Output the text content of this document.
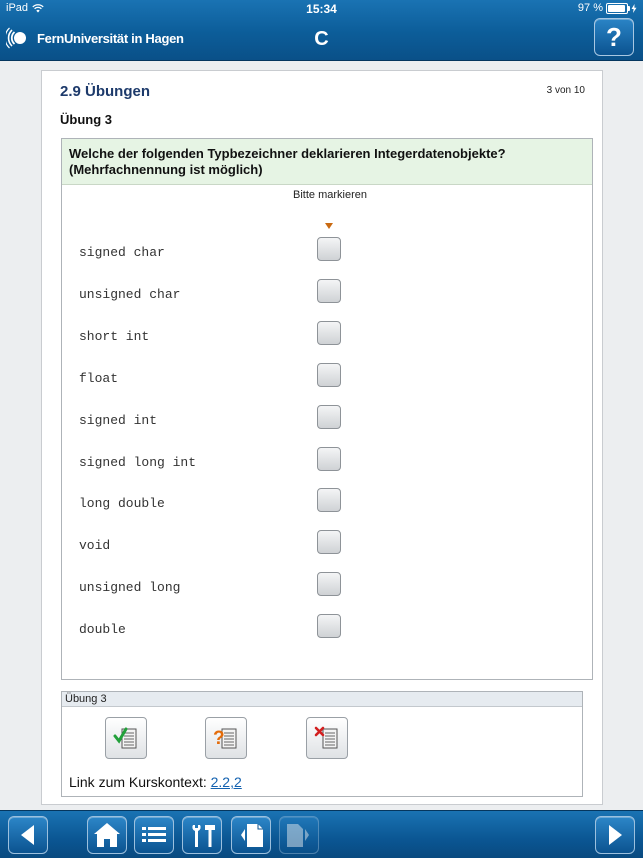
iPad	15:34	97 %
FernUniversität in Hagen	C	?
2.9 Übungen	3 von 10
Übung 3
Welche der folgenden Typbezeichner deklarieren Integerdatenobjekte? (Mehrfachnennung ist möglich)
Bitte markieren
signed char
unsigned char
short int
float
signed int
signed long int
long double
void
unsigned long
double
Übung 3
?
Link zum Kurskontext: 2.2,2
